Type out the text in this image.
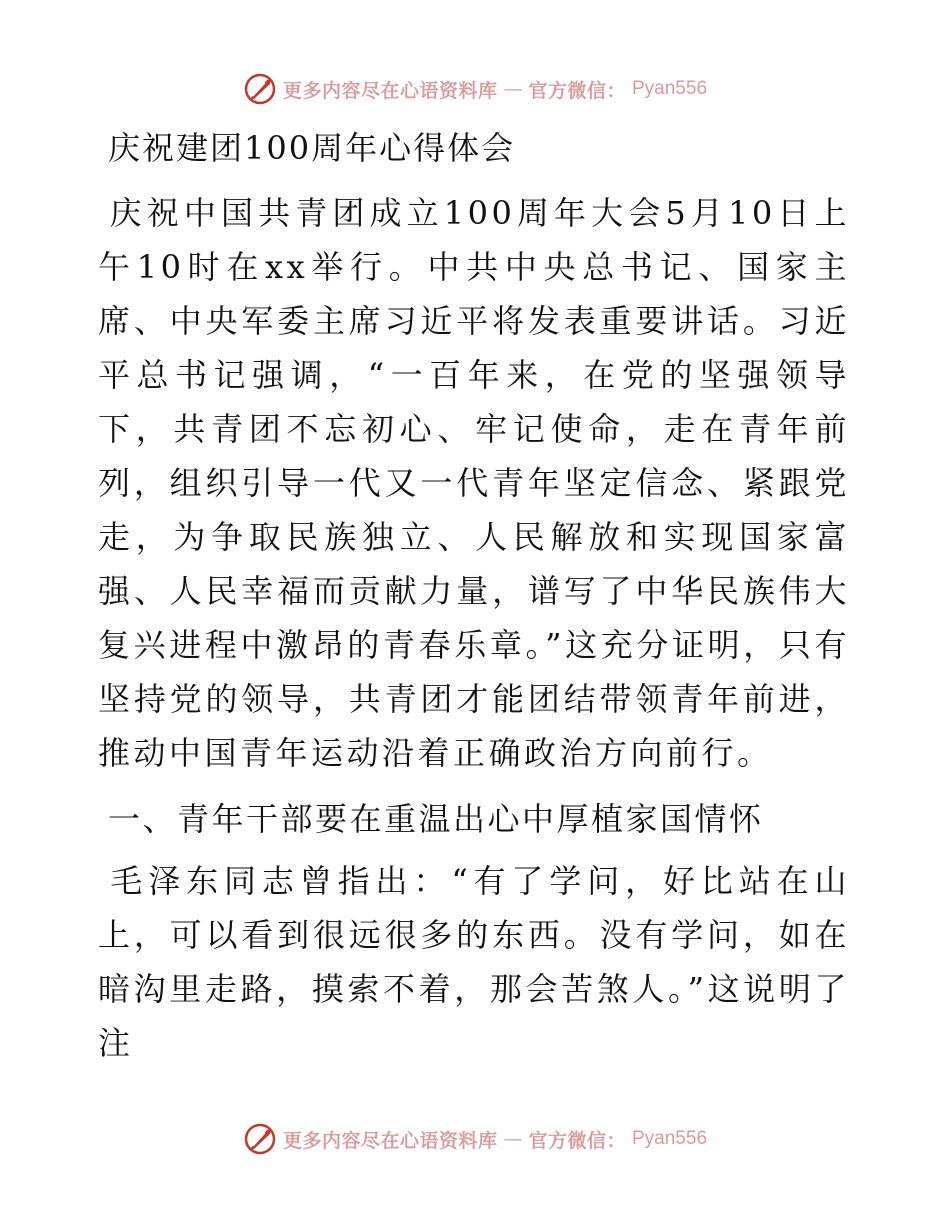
更多内容尽在心语资料库 — 官方微信： Pyan556
庆祝建团100周年心得体会

庆祝中国共青团成立100周年大会5月10日上午10时在xx举行。中共中央总书记、国家主席、中央军委主席习近平将发表重要讲话。习近平总书记强调，“一百年来，在党的坚强领导下，共青团不忘初心、牢记使命，走在青年前列，组织引导一代又一代青年坚定信念、紧跟党走，为争取民族独立、人民解放和实现国家富强、人民幸福而贡献力量，谱写了中华民族伟大复兴进程中激昂的青春乐章。”这充分证明，只有坚持党的领导，共青团才能团结带领青年前进，推动中国青年运动沿着正确政治方向前行。

一、青年干部要在重温出心中厚植家国情怀

毛泽东同志曾指出：“有了学问，好比站在山上，可以看到很远很多的东西。没有学问，如在暗沟里走路，摸索不着，那会苦煞人。”这说明了注

更多内容尽在心语资料库 — 官方微信： Pyan556
